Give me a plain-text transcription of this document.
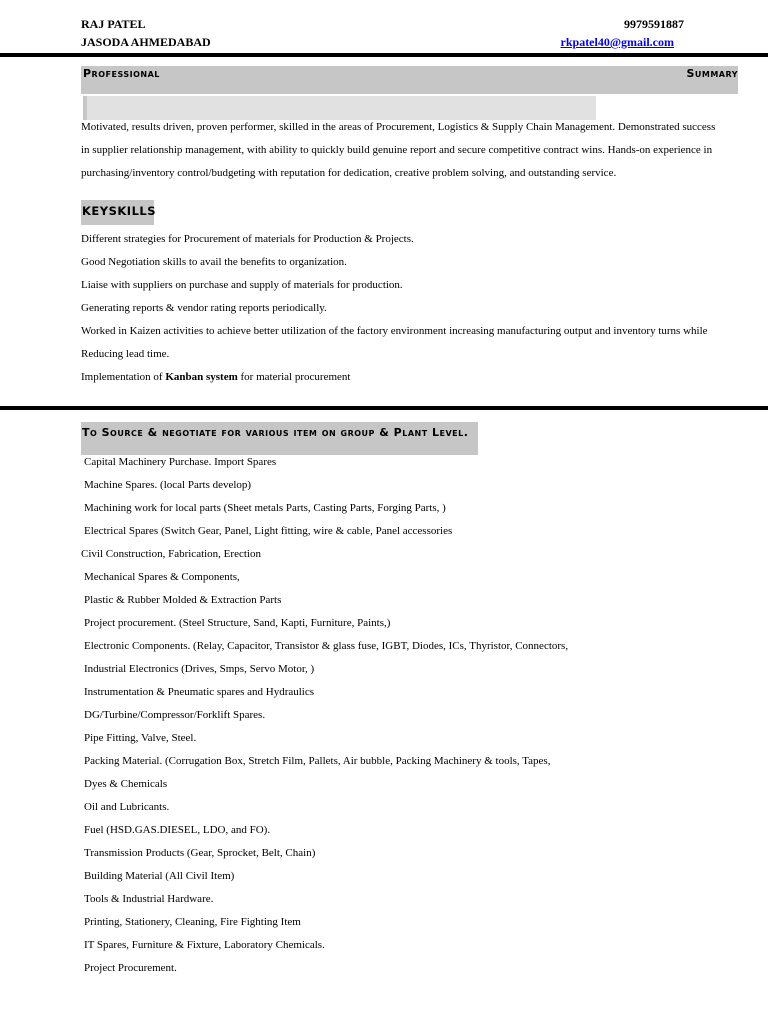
RAJ PATEL
JASODA AHMEDABAD
9979591887
rkpatel40@gmail.com
Professional	Summary
Motivated, results driven, proven performer, skilled in the areas of Procurement, Logistics & Supply Chain Management. Demonstrated success
in supplier relationship management, with ability to quickly build genuine report and secure competitive contract wins. Hands-on experience in
purchasing/inventory control/budgeting with reputation for dedication, creative problem solving, and outstanding service.
KEYSKILLS
Different strategies for Procurement of materials for Production & Projects.
Good Negotiation skills to avail the benefits to organization.
Liaise with suppliers on purchase and supply of materials for production.
Generating reports & vendor rating reports periodically.
Worked in Kaizen activities to achieve better utilization of the factory environment increasing manufacturing output and inventory turns while
Reducing lead time.
Implementation of Kanban system for material procurement
To Source & negotiate for various item on group & Plant Level.
Capital Machinery Purchase. Import Spares
Machine Spares. (local Parts develop)
Machining work for local parts (Sheet metals Parts, Casting Parts, Forging Parts, )
Electrical Spares (Switch Gear, Panel, Light fitting, wire & cable, Panel accessories
Civil Construction, Fabrication, Erection
Mechanical Spares & Components,
Plastic & Rubber Molded & Extraction Parts
Project procurement. (Steel Structure, Sand, Kapti, Furniture, Paints,)
Electronic Components. (Relay, Capacitor, Transistor & glass fuse, IGBT, Diodes, ICs, Thyristor, Connectors,
Industrial Electronics (Drives, Smps, Servo Motor, )
Instrumentation & Pneumatic spares and Hydraulics
DG/Turbine/Compressor/Forklift Spares.
Pipe Fitting, Valve, Steel.
Packing Material. (Corrugation Box, Stretch Film, Pallets, Air bubble, Packing Machinery & tools, Tapes,
Dyes & Chemicals
Oil and Lubricants.
Fuel (HSD.GAS.DIESEL, LDO, and FO).
Transmission Products (Gear, Sprocket, Belt, Chain)
Building Material (All Civil Item)
Tools & Industrial Hardware.
Printing, Stationery, Cleaning, Fire Fighting Item
IT Spares, Furniture & Fixture, Laboratory Chemicals.
Project Procurement.
